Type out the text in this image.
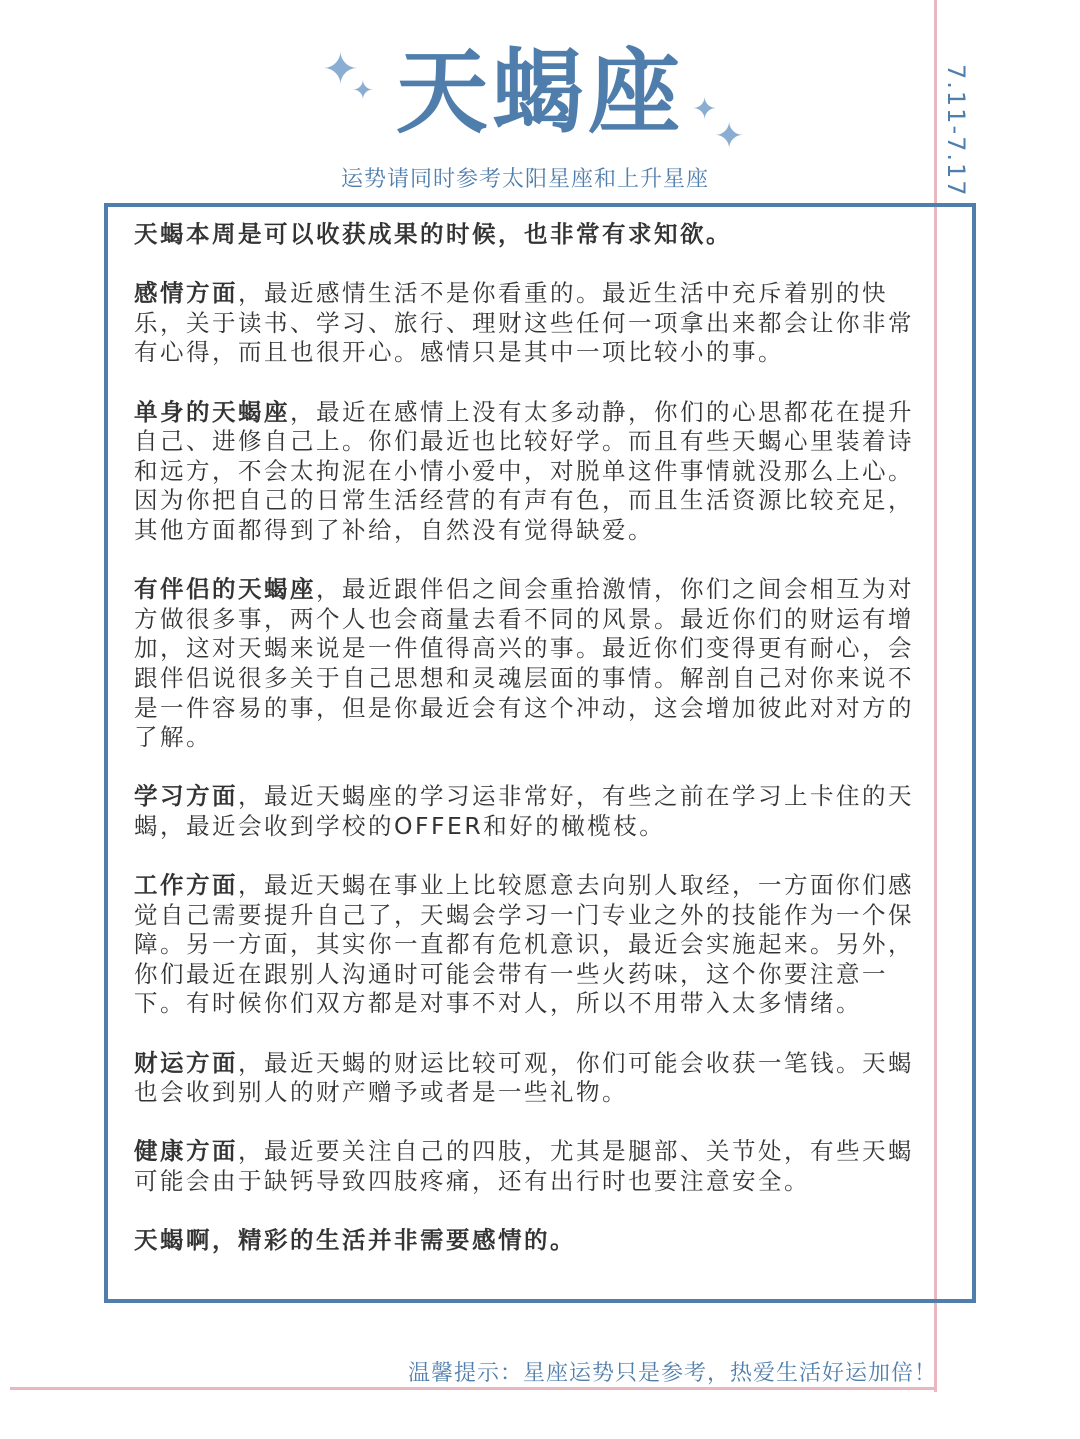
✦
✦
✦
✦
天蝎座
运势请同时参考太阳星座和上升星座	7.11-7.17

天蝎本周是可以收获成果的时候，也非常有求知欲。

感情方面，最近感情生活不是你看重的。最近生活中充斥着别的快乐，关于读书、学习、旅行、理财这些任何一项拿出来都会让你非常有心得，而且也很开心。感情只是其中一项比较小的事。

单身的天蝎座，最近在感情上没有太多动静，你们的心思都花在提升自己、进修自己上。你们最近也比较好学。而且有些天蝎心里装着诗和远方，不会太拘泥在小情小爱中，对脱单这件事情就没那么上心。因为你把自己的日常生活经营的有声有色，而且生活资源比较充足，其他方面都得到了补给，自然没有觉得缺爱。

有伴侣的天蝎座，最近跟伴侣之间会重拾激情，你们之间会相互为对方做很多事，两个人也会商量去看不同的风景。最近你们的财运有增加，这对天蝎来说是一件值得高兴的事。最近你们变得更有耐心，会跟伴侣说很多关于自己思想和灵魂层面的事情。解剖自己对你来说不是一件容易的事，但是你最近会有这个冲动，这会增加彼此对对方的了解。

学习方面，最近天蝎座的学习运非常好，有些之前在学习上卡住的天蝎，最近会收到学校的OFFER和好的橄榄枝。

工作方面，最近天蝎在事业上比较愿意去向别人取经，一方面你们感觉自己需要提升自己了，天蝎会学习一门专业之外的技能作为一个保障。另一方面，其实你一直都有危机意识，最近会实施起来。另外，你们最近在跟别人沟通时可能会带有一些火药味，这个你要注意一下。有时候你们双方都是对事不对人，所以不用带入太多情绪。

财运方面，最近天蝎的财运比较可观，你们可能会收获一笔钱。天蝎也会收到别人的财产赠予或者是一些礼物。

健康方面，最近要关注自己的四肢，尤其是腿部、关节处，有些天蝎可能会由于缺钙导致四肢疼痛，还有出行时也要注意安全。

天蝎啊，精彩的生活并非需要感情的。

温馨提示：星座运势只是参考，热爱生活好运加倍！
